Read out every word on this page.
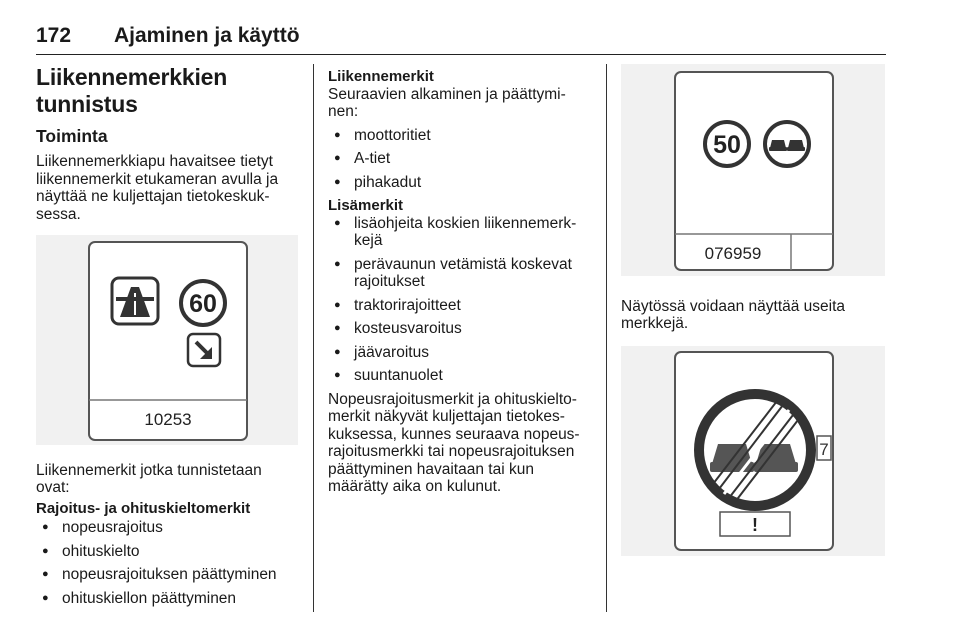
172 Ajaminen ja käyttö
Liikennemerkkien tunnistus
Toiminta

Liikennemerkkiapu havaitsee tietyt
liikennemerkit etukameran avulla ja
näyttää ne kuljettajan tietokeskuk-
sessa.

60
10253

Liikennemerkit jotka tunnistetaan
ovat:

Rajoitus- ja ohituskieltomerkit

● nopeusrajoitus
● ohituskielto
● nopeusrajoituksen päättyminen
● ohituskiellon päättyminen

Liikennemerkit

Seuraavien alkaminen ja päättymi-
nen:

● moottoritiet
● A-tiet
● pihakadut

Lisämerkit

● lisäohjeita koskien liikennemerk-
kejä
● perävaunun vetämistä koskevat
rajoitukset
● traktorirajoitteet
● kosteusvaroitus
● jäävaroitus
● suuntanuolet

Nopeusrajoitusmerkit ja ohituskielto-
merkit näkyvät kuljettajan tietokes-
kuksessa, kunnes seuraava nopeus-
rajoitusmerkki tai nopeusrajoituksen
päättyminen havaitaan tai kun
määrätty aika on kulunut.

50
076959

Näytössä voidaan näyttää useita
merkkejä.

7
!
